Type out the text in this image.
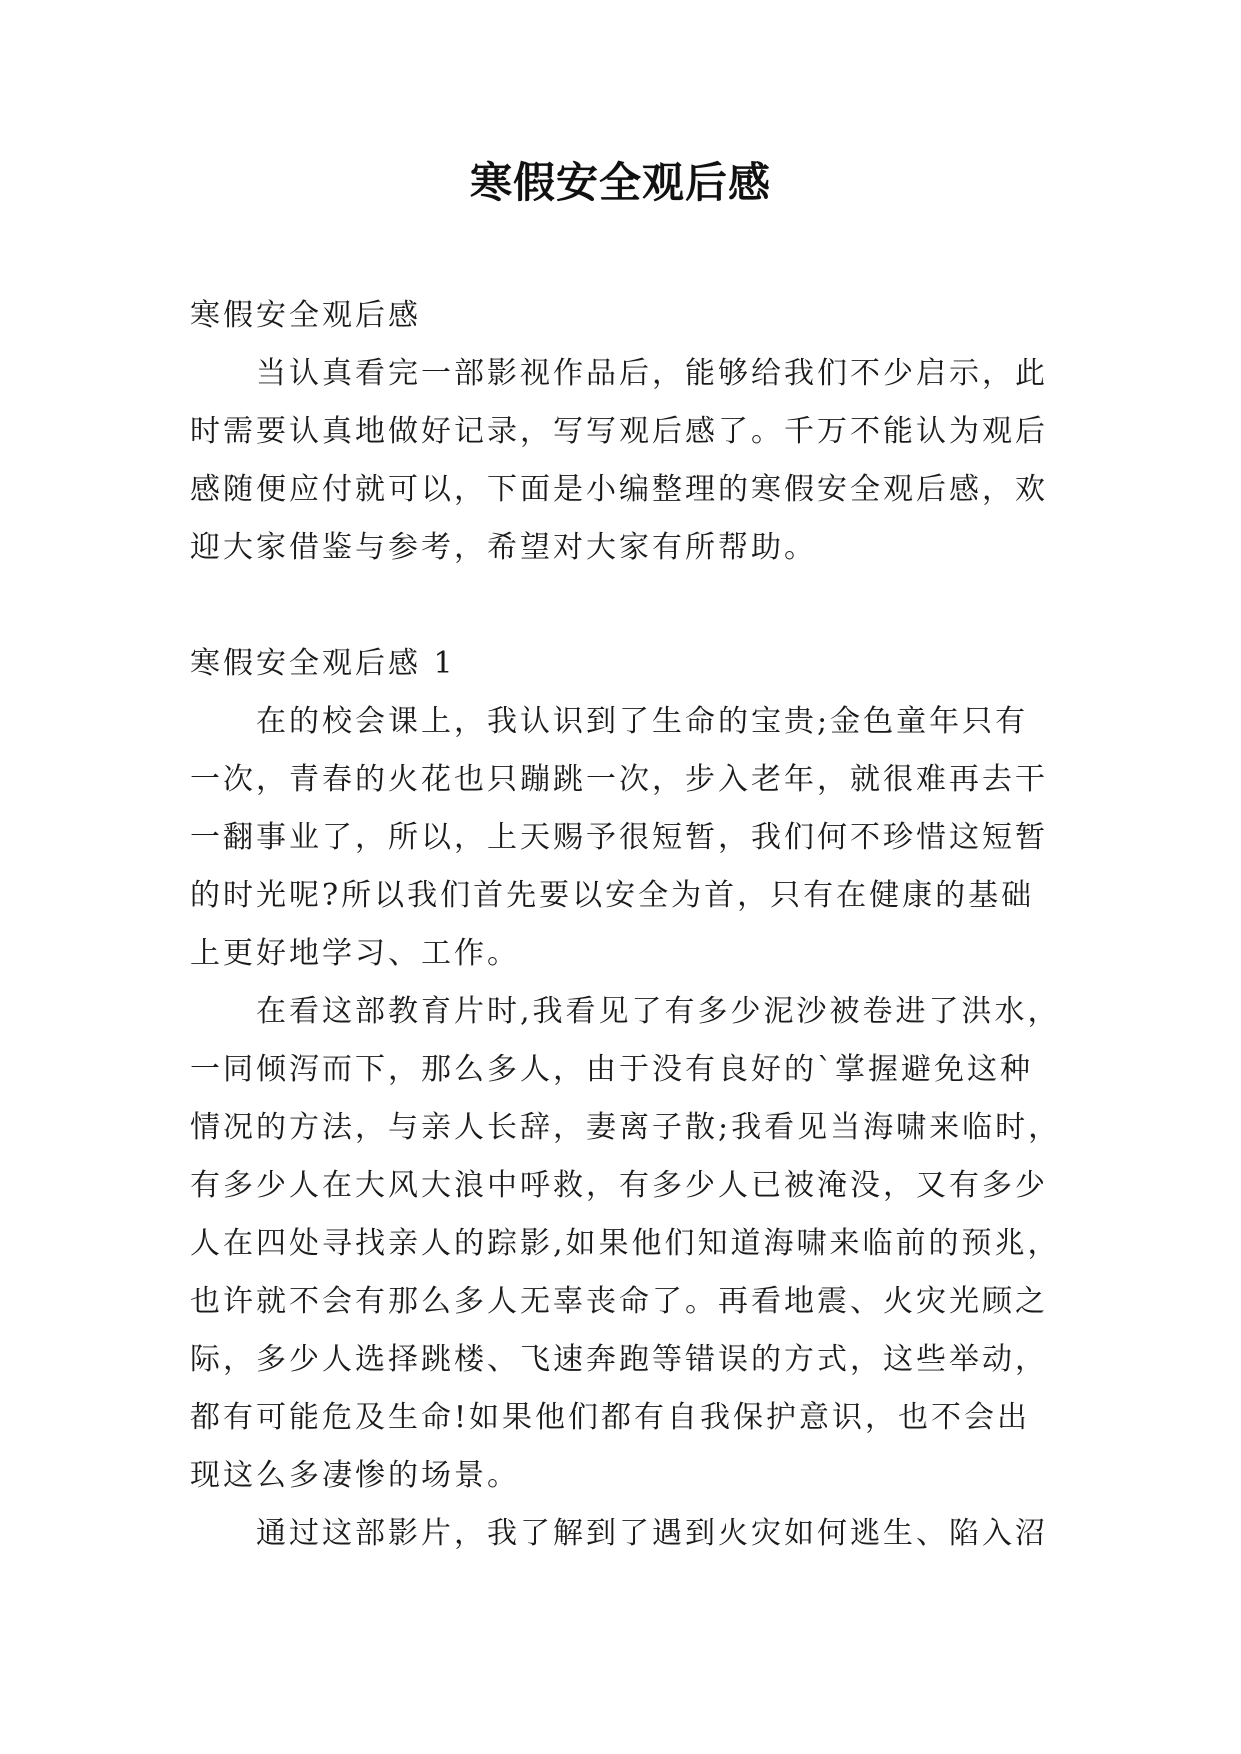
寒假安全观后感

寒假安全观后感

当认真看完一部影视作品后，能够给我们不少启示，此

时需要认真地做好记录，写写观后感了。千万不能认为观后

感随便应付就可以，下面是小编整理的寒假安全观后感，欢

迎大家借鉴与参考，希望对大家有所帮助。

寒假安全观后感 1

在的校会课上，我认识到了生命的宝贵;金色童年只有

一次，青春的火花也只蹦跳一次，步入老年，就很难再去干

一翻事业了，所以，上天赐予很短暂，我们何不珍惜这短暂

的时光呢?所以我们首先要以安全为首，只有在健康的基础

上更好地学习、工作。

在看这部教育片时,我看见了有多少泥沙被卷进了洪水，

一同倾泻而下，那么多人，由于没有良好的`掌握避免这种

情况的方法，与亲人长辞，妻离子散;我看见当海啸来临时，

有多少人在大风大浪中呼救，有多少人已被淹没，又有多少

人在四处寻找亲人的踪影,如果他们知道海啸来临前的预兆，

也许就不会有那么多人无辜丧命了。再看地震、火灾光顾之

际，多少人选择跳楼、飞速奔跑等错误的方式，这些举动，

都有可能危及生命!如果他们都有自我保护意识，也不会出

现这么多凄惨的场景。

通过这部影片，我了解到了遇到火灾如何逃生、陷入沼
